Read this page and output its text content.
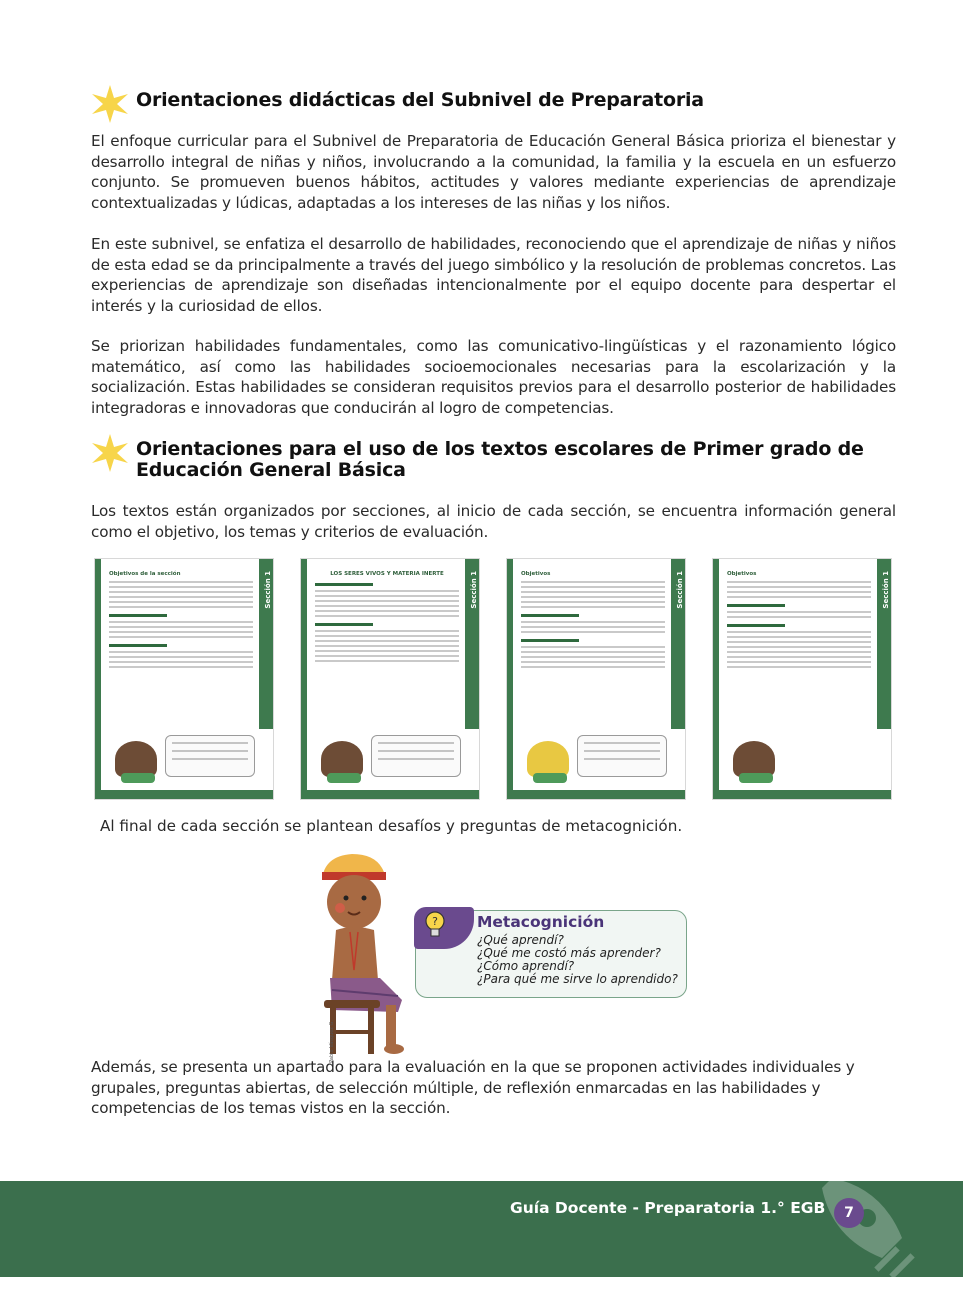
Orientaciones didácticas del Subnivel de Preparatoria

El enfoque curricular para el Subnivel de Preparatoria de Educación General Básica prioriza el bienestar y desarrollo integral de niñas y niños, involucrando a la comunidad, la familia y la escuela en un esfuerzo conjunto. Se promueven buenos hábitos, actitudes y valores mediante experiencias de aprendizaje contextualizadas y lúdicas, adaptadas a los intereses de las niñas y los niños.

En este subnivel, se enfatiza el desarrollo de habilidades, reconociendo que el aprendizaje de niñas y niños de esta edad se da principalmente a través del juego simbólico y la resolución de problemas concretos. Las experiencias de aprendizaje son diseñadas intencionalmente por el equipo docente para despertar el interés y la curiosidad de ellos.

Se priorizan habilidades fundamentales, como las comunicativo-lingüísticas y el razonamiento lógico matemático, así como las habilidades socioemocionales necesarias para la escolarización y la socialización. Estas habilidades se consideran requisitos previos para el desarrollo posterior de habilidades integradoras e innovadoras que conducirán al logro de competencias.

Orientaciones para el uso de los textos escolares de Primer grado de Educación General Básica

Los textos están organizados por secciones, al inicio de cada sección, se encuentra información general como el objetivo, los temas y criterios de evaluación.

Sección 1
Objetivos de la sección	Sección 1
LOS SERES VIVOS Y MATERIA INERTE	Sección 1
Objetivos	Sección 1
Objetivos

Al final de cada sección se plantean desafíos y preguntas de metacognición.

Pablo Vásquez G.
?	Metacognición

¿Qué aprendí?

¿Qué me costó más aprender?

¿Cómo aprendí?

¿Para qué me sirve lo aprendido?

Además, se presenta un apartado para la evaluación en la que se proponen actividades individuales y grupales, preguntas abiertas, de selección múltiple, de reflexión enmarcadas en las habilidades y competencias de los temas vistos en la sección.

Guía Docente - Preparatoria 1.° EGB	7
